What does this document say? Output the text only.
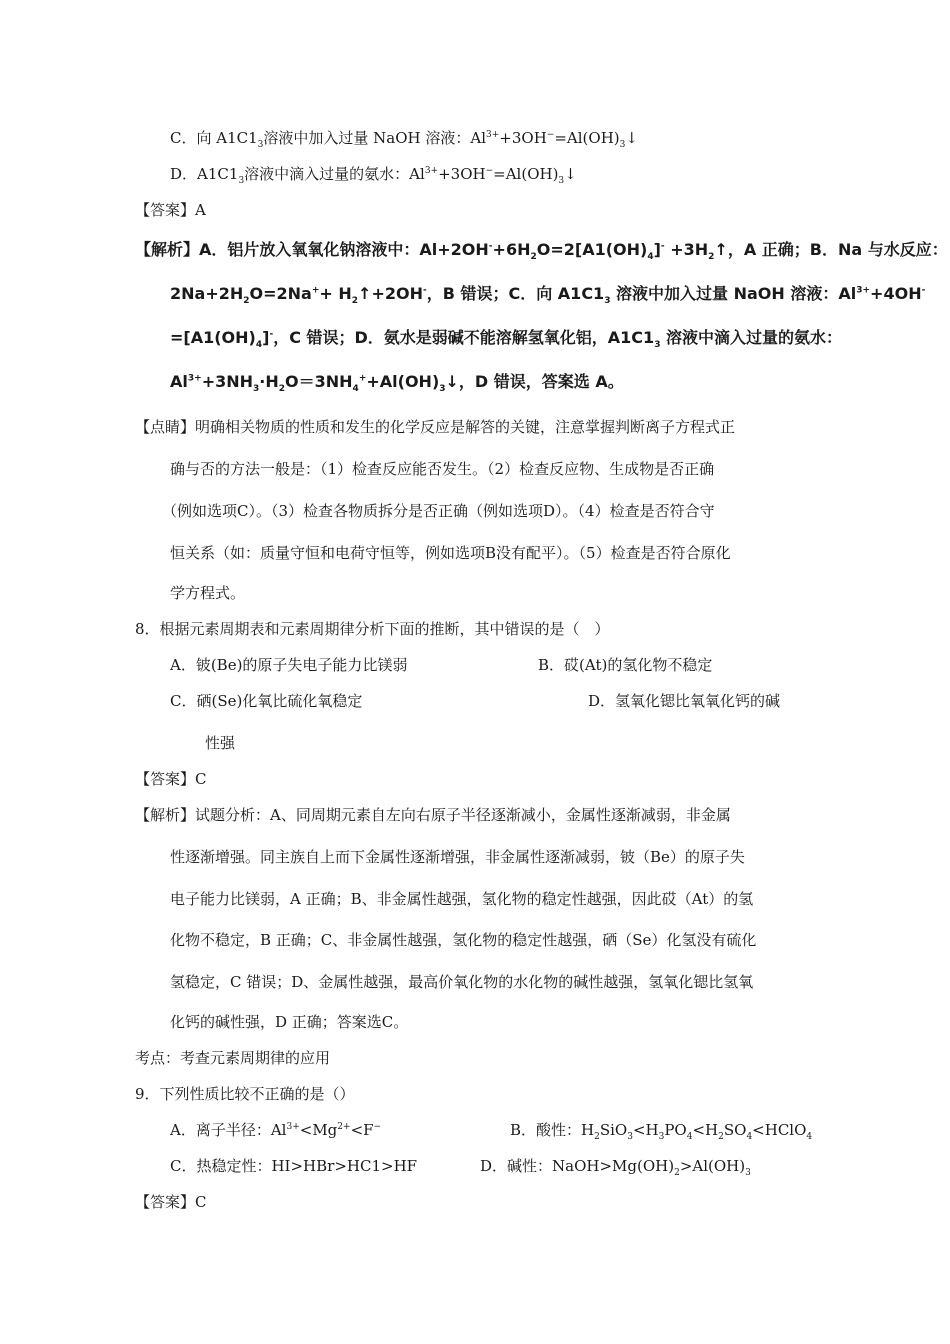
C．向 $A1C1_3$溶液中加入过量 NaOH 溶液：$Al^{3+}+3OH^-=Al(OH)_3↓$
D．$A1C1_3$溶液中滴入过量的氨水：$Al^{3+}+3OH^-=Al(OH)_3↓$
【答案】A
【解析】A．铝片放入氧氧化钠溶液中：$Al+2OH^-+6H_2O=2[A1(OH)_4]^-$ $+3H_2↑$，A 正确；B．Na 与水反应：
$2Na+2H_2O=2Na^++$ $H_2↑+2OH^-$，B 错误；C．向 $A1C1_3$ 溶液中加入过量 NaOH 溶液：$Al^{3+}+4OH^-$
$=[A1(OH)_4]^-$，C 错误；D．氨水是弱碱不能溶解氢氧化铝，$A1C1_3$ 溶液中滴入过量的氨水：
$Al^{3+}+3NH_3\cdot H_2O=3NH_4^++Al(OH)_3↓$，D 错误，答案选 A。
【点睛】明确相关物质的性质和发生的化学反应是解答的关键，注意掌握判断离子方程式正
确与否的方法一般是：（1）检查反应能否发生。（2）检查反应物、生成物是否正确
（例如选项C）。（3）检查各物质拆分是否正确（例如选项D）。（4）检查是否符合守
恒关系（如：质量守恒和电荷守恒等，例如选项B没有配平）。（5）检查是否符合原化
学方程式。
8．根据元素周期表和元素周期律分析下面的推断，其中错误的是（　）
A．铍(Be)的原子失电子能力比镁弱	B．砹(At)的氢化物不稳定
C．硒(Se)化氧比硫化氧稳定	D．氢氧化锶比氧氧化钙的碱
性强
【答案】C
【解析】试题分析：A、同周期元素自左向右原子半径逐渐减小，金属性逐渐减弱，非金属
性逐渐增强。同主族自上而下金属性逐渐增强，非金属性逐渐减弱，铍（Be）的原子失
电子能力比镁弱，A 正确；B、非金属性越强，氢化物的稳定性越强，因此砹（At）的氢
化物不稳定，B 正确；C、非金属性越强，氢化物的稳定性越强，硒（Se）化氢没有硫化
氢稳定，C 错误；D、金属性越强，最高价氧化物的水化物的碱性越强，氢氧化锶比氢氧
化钙的碱性强，D 正确；答案选C。
考点：考查元素周期律的应用
9．下列性质比较不正确的是（）
A．离子半径：$Al^{3+}<Mg^{2+}<F^-$	B．酸性：$H_2SiO_3<H_3PO_4<H_2SO_4<HClO_4$
C．热稳定性：HI>HBr>HC1>HF	D．碱性：$NaOH>Mg(OH)_2>Al(OH)_3$
【答案】C
